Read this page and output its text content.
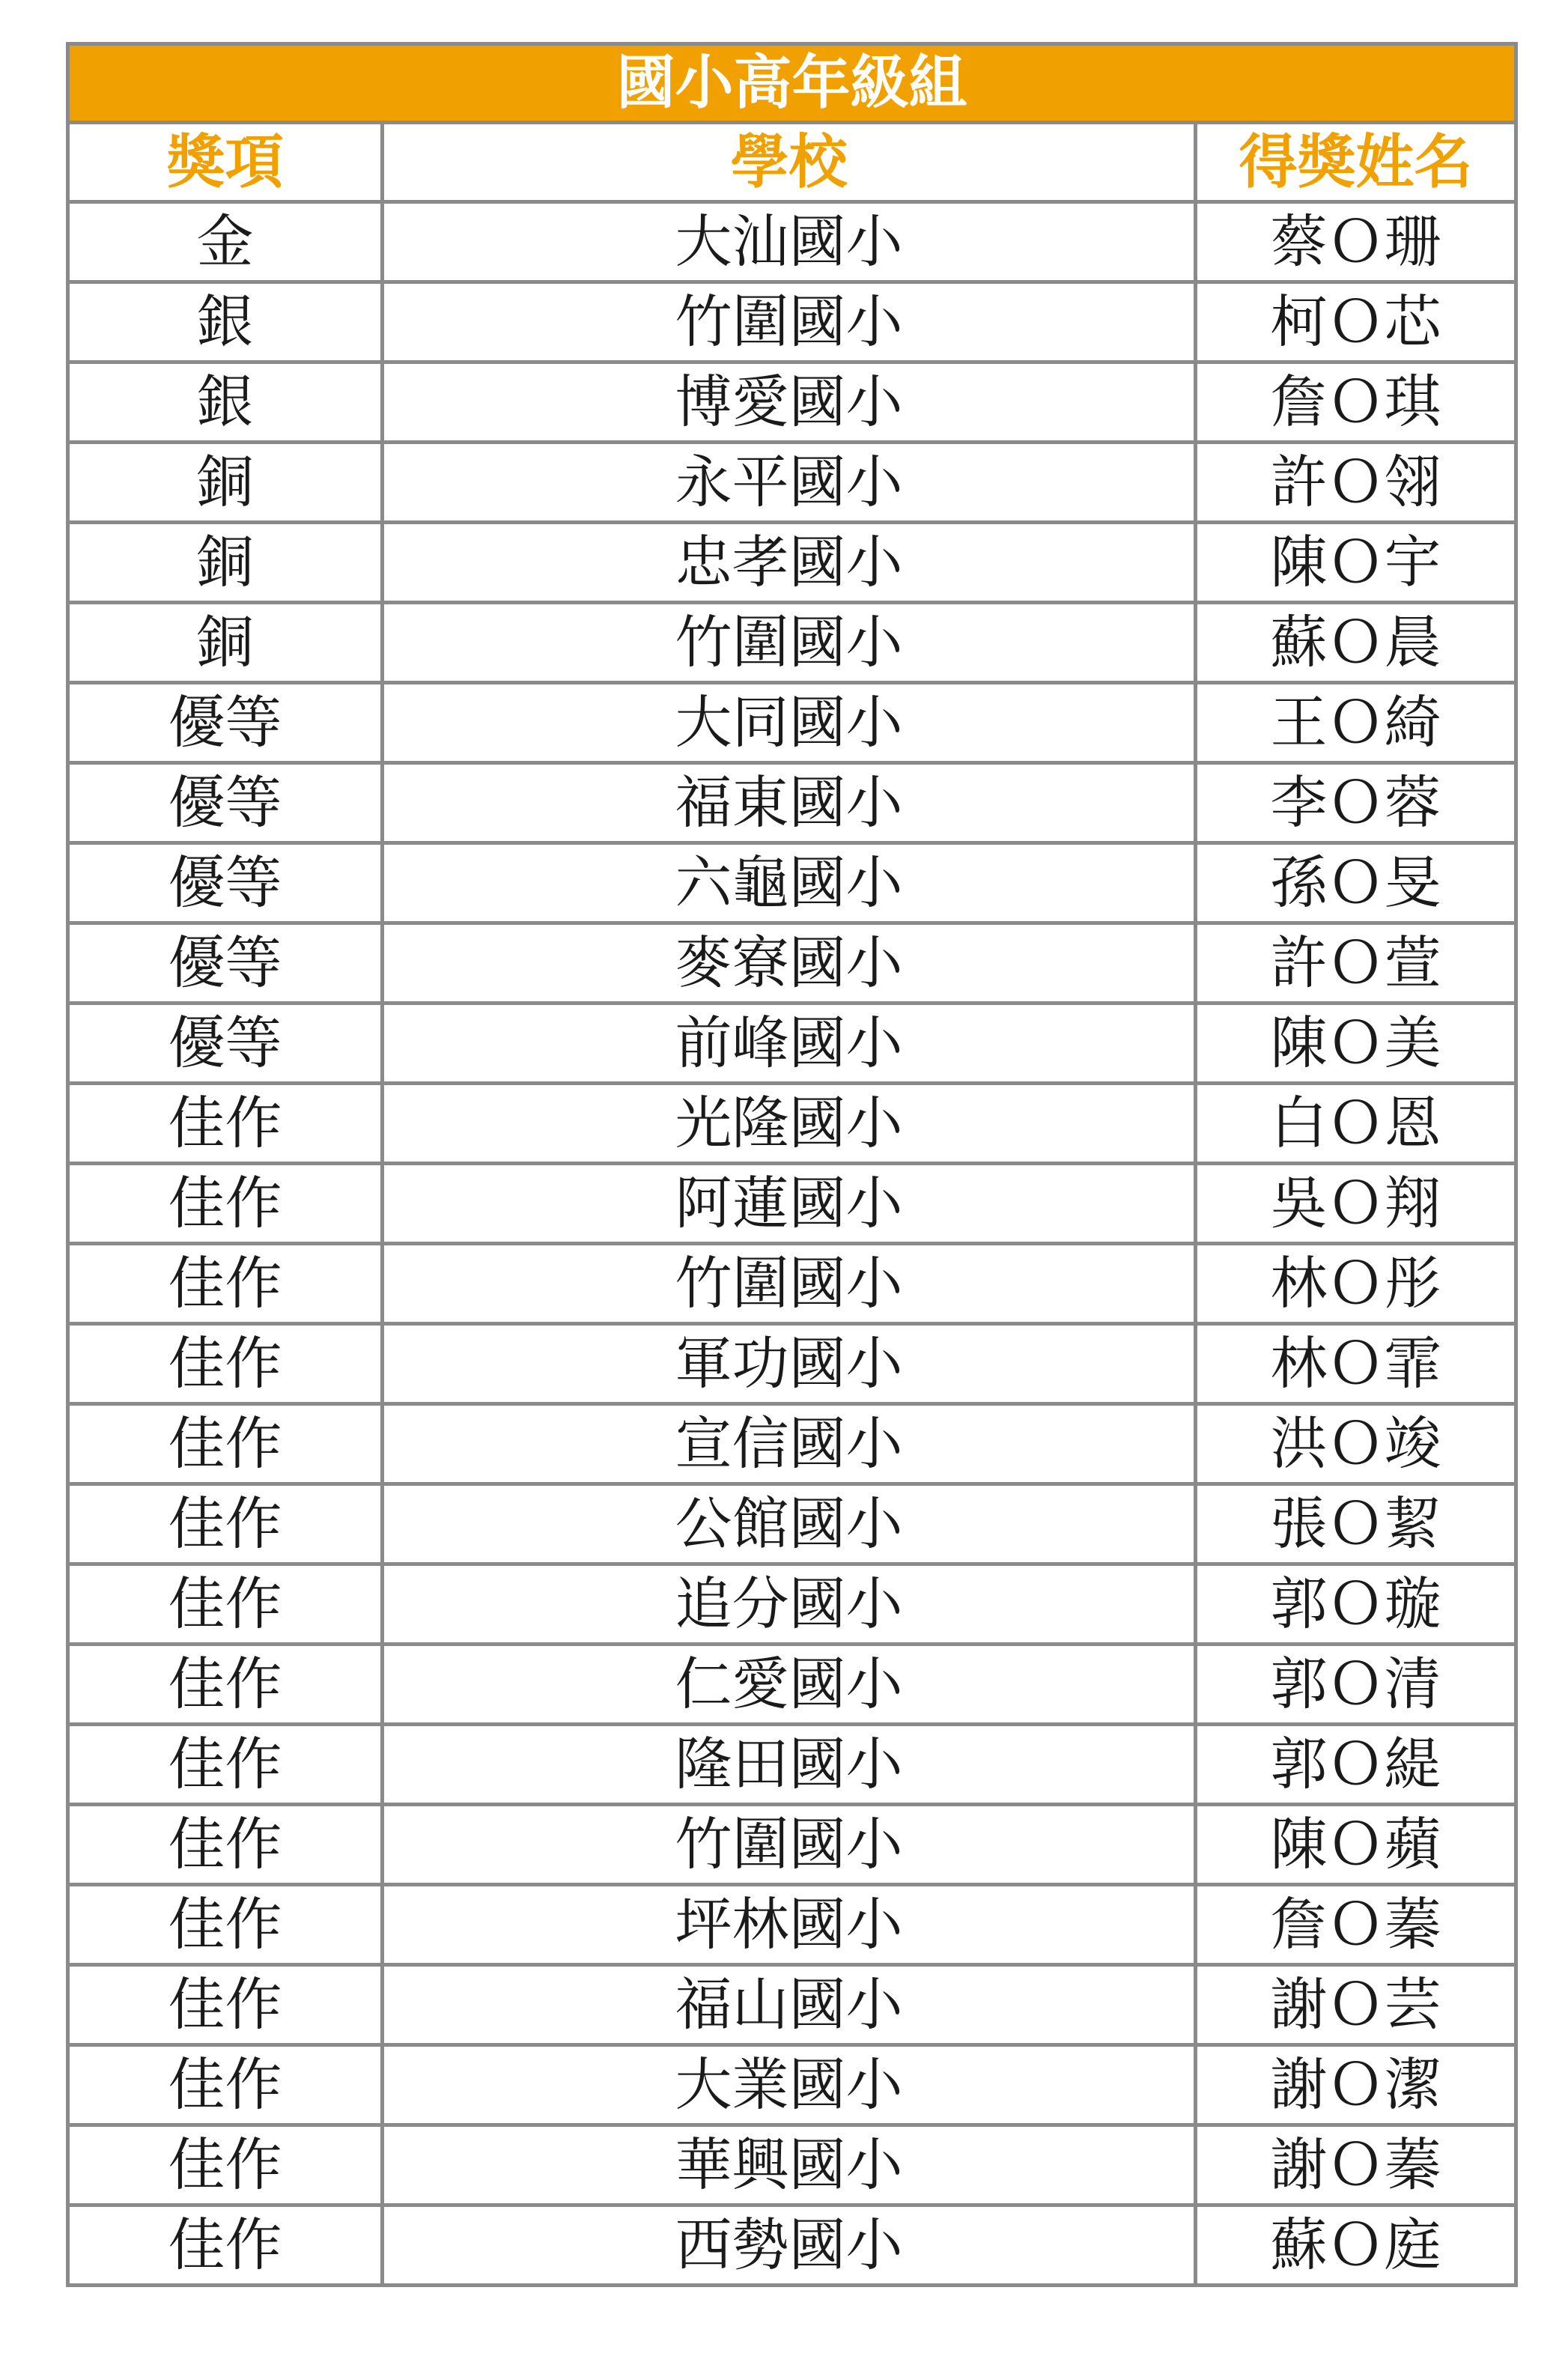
國小高年級組		
獎項	學校	得獎姓名
金	大汕國小	蔡Ｏ珊
銀	竹圍國小	柯Ｏ芯
銀	博愛國小	詹Ｏ琪
銅	永平國小	許Ｏ翎
銅	忠孝國小	陳Ｏ宇
銅	竹圍國小	蘇Ｏ晨
優等	大同國小	王Ｏ綺
優等	福東國小	李Ｏ蓉
優等	六龜國小	孫Ｏ旻
優等	麥寮國小	許Ｏ萱
優等	前峰國小	陳Ｏ美
佳作	光隆國小	白Ｏ恩
佳作	阿蓮國小	吳Ｏ翔
佳作	竹圍國小	林Ｏ彤
佳作	軍功國小	林Ｏ霏
佳作	宣信國小	洪Ｏ竣
佳作	公館國小	張Ｏ絜
佳作	追分國小	郭Ｏ璇
佳作	仁愛國小	郭Ｏ清
佳作	隆田國小	郭Ｏ緹
佳作	竹圍國小	陳Ｏ蘋
佳作	坪林國小	詹Ｏ蓁
佳作	福山國小	謝Ｏ芸
佳作	大業國小	謝Ｏ潔
佳作	華興國小	謝Ｏ蓁
佳作	西勢國小	蘇Ｏ庭
